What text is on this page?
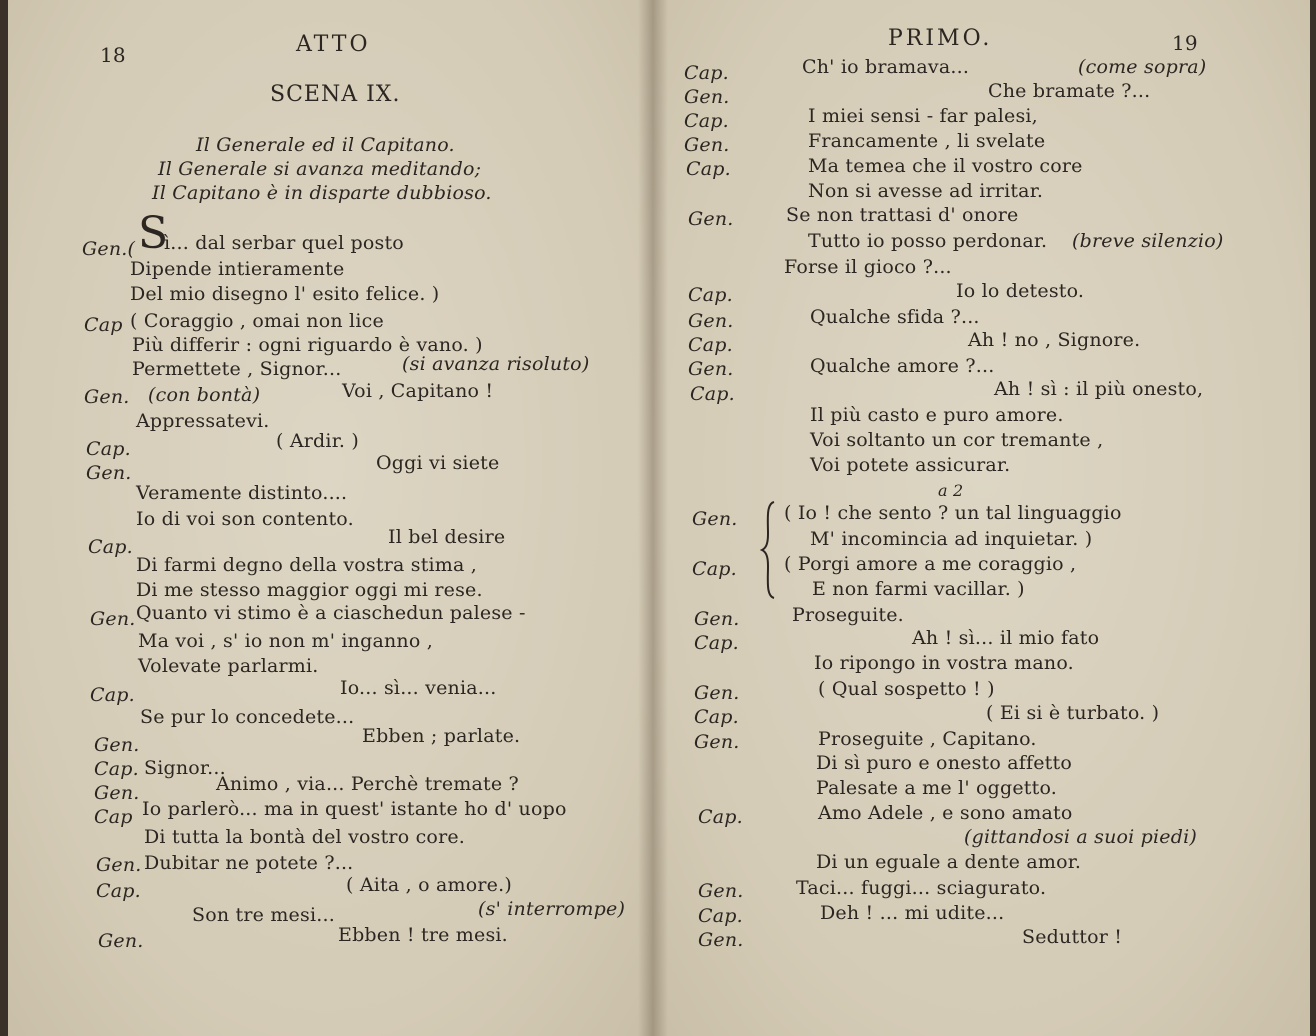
18	ATTO
SCENA IX.
Il Generale ed il Capitano.
Il Generale si avanza meditando;
Il Capitano è in disparte dubbioso.
Gen.( S
ì... dal serbar quel posto
Dipende intieramente
Del mio disegno l' esito felice. )
Cap ( Coraggio , omai non lice
Più differir : ogni riguardo è vano. )
Permettete , Signor...	(si avanza risoluto)
Gen. (con bontà)	Voi , Capitano !
Appressatevi.
Cap.	( Ardir. )
Gen.	Oggi vi siete
Veramente distinto....
Io di voi son contento.
Cap.	Il bel desire
Di farmi degno della vostra stima ,
Di me stesso maggior oggi mi rese.
Gen. Quanto vi stimo è a ciaschedun palese -
Ma voi , s' io non m' inganno ,
Volevate parlarmi.
Cap.	Io... sì... venia...
Se pur lo concedete...
Gen.	Ebben ; parlate.
Cap. Signor...
Gen.	Animo , via... Perchè tremate ?
Cap Io parlerò... ma in quest' istante ho d' uopo
Di tutta la bontà del vostro core.
Gen. Dubitar ne potete ?...
Cap.	( Aita , o amore.)
Son tre mesi...	(s' interrompe)
Gen.	Ebben ! tre mesi.
PRIMO.	19
Cap.	Ch' io bramava...	(come sopra)
Gen.	Che bramate ?...
Cap.	I miei sensi - far palesi,
Gen.	Francamente , li svelate
Cap.	Ma temea che il vostro core
Non si avesse ad irritar.
Gen.	Se non trattasi d' onore
Tutto io posso perdonar. (breve silenzio)
Forse il gioco ?...
Cap.	Io lo detesto.
Gen.	Qualche sfida ?...
Cap.	Ah ! no , Signore.
Gen.	Qualche amore ?...
Cap.	Ah ! sì : il più onesto,
Il più casto e puro amore.
Voi soltanto un cor tremante ,
Voi potete assicurar.
a 2
Gen. ( Io ! che sento ? un tal linguaggio
M' incomincia ad inquietar. )
Cap. ( Porgi amore a me coraggio ,
E non farmi vacillar. )
Gen.	Proseguite.
Cap.	Ah ! sì... il mio fato
Io ripongo in vostra mano.
Gen.	( Qual sospetto ! )
Cap.	( Ei si è turbato. )
Gen.	Proseguite , Capitano.
Di sì puro e onesto affetto
Palesate a me l' oggetto.
Cap.	Amo Adele , e sono amato
(gittandosi a suoi piedi)
Di un eguale a dente amor.
Gen.	Taci... fuggi... sciagurato.
Cap.	Deh ! ... mi udite...
Gen.	Seduttor !
